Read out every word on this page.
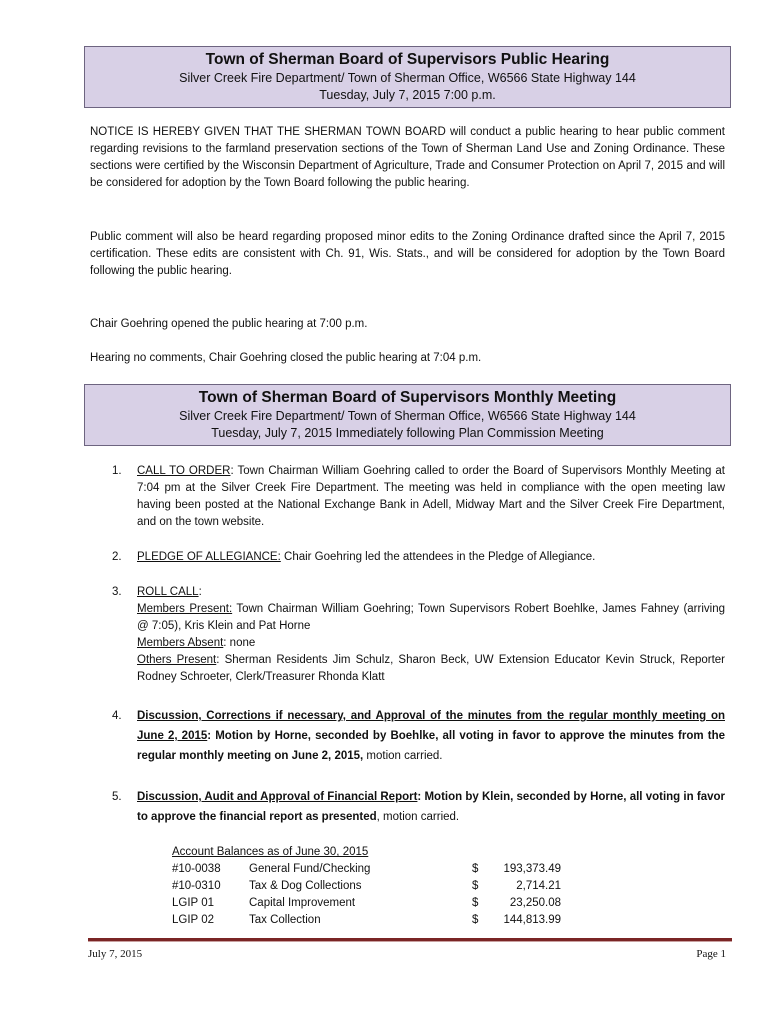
Town of Sherman Board of Supervisors Public Hearing
Silver Creek Fire Department/ Town of Sherman Office, W6566 State Highway 144
Tuesday, July 7, 2015 7:00 p.m.

NOTICE IS HEREBY GIVEN THAT THE SHERMAN TOWN BOARD will conduct a public hearing to hear public comment regarding revisions to the farmland preservation sections of the Town of Sherman Land Use and Zoning Ordinance. These sections were certified by the Wisconsin Department of Agriculture, Trade and Consumer Protection on April 7, 2015 and will be considered for adoption by the Town Board following the public hearing.

Public comment will also be heard regarding proposed minor edits to the Zoning Ordinance drafted since the April 7, 2015 certification. These edits are consistent with Ch. 91, Wis. Stats., and will be considered for adoption by the Town Board following the public hearing.

Chair Goehring opened the public hearing at 7:00 p.m.

Hearing no comments, Chair Goehring closed the public hearing at 7:04 p.m.

Town of Sherman Board of Supervisors Monthly Meeting
Silver Creek Fire Department/ Town of Sherman Office, W6566 State Highway 144
Tuesday, July 7, 2015 Immediately following Plan Commission Meeting
1.	CALL TO ORDER: Town Chairman William Goehring called to order the Board of Supervisors Monthly Meeting at 7:04 pm at the Silver Creek Fire Department. The meeting was held in compliance with the open meeting law having been posted at the National Exchange Bank in Adell, Midway Mart and the Silver Creek Fire Department, and on the town website.
2.	PLEDGE OF ALLEGIANCE: Chair Goehring led the attendees in the Pledge of Allegiance.
3.	ROLL CALL:
Members Present: Town Chairman William Goehring; Town Supervisors Robert Boehlke, James Fahney (arriving @ 7:05), Kris Klein and Pat Horne
Members Absent: none
Others Present: Sherman Residents Jim Schulz, Sharon Beck, UW Extension Educator Kevin Struck, Reporter Rodney Schroeter, Clerk/Treasurer Rhonda Klatt
4.	Discussion, Corrections if necessary, and Approval of the minutes from the regular monthly meeting on June 2, 2015: Motion by Horne, seconded by Boehlke, all voting in favor to approve the minutes from the regular monthly meeting on June 2, 2015, motion carried.
5.	Discussion, Audit and Approval of Financial Report: Motion by Klein, seconded by Horne, all voting in favor to approve the financial report as presented, motion carried.
Account Balances as of June 30, 2015
#10-0038 General Fund/Checking	$ 193,373.49
#10-0310 Tax & Dog Collections	$	2,714.21
LGIP 01	Capital Improvement	$	23,250.08
LGIP 02	Tax Collection	$ 144,813.99
July 7, 2015	Page 1
